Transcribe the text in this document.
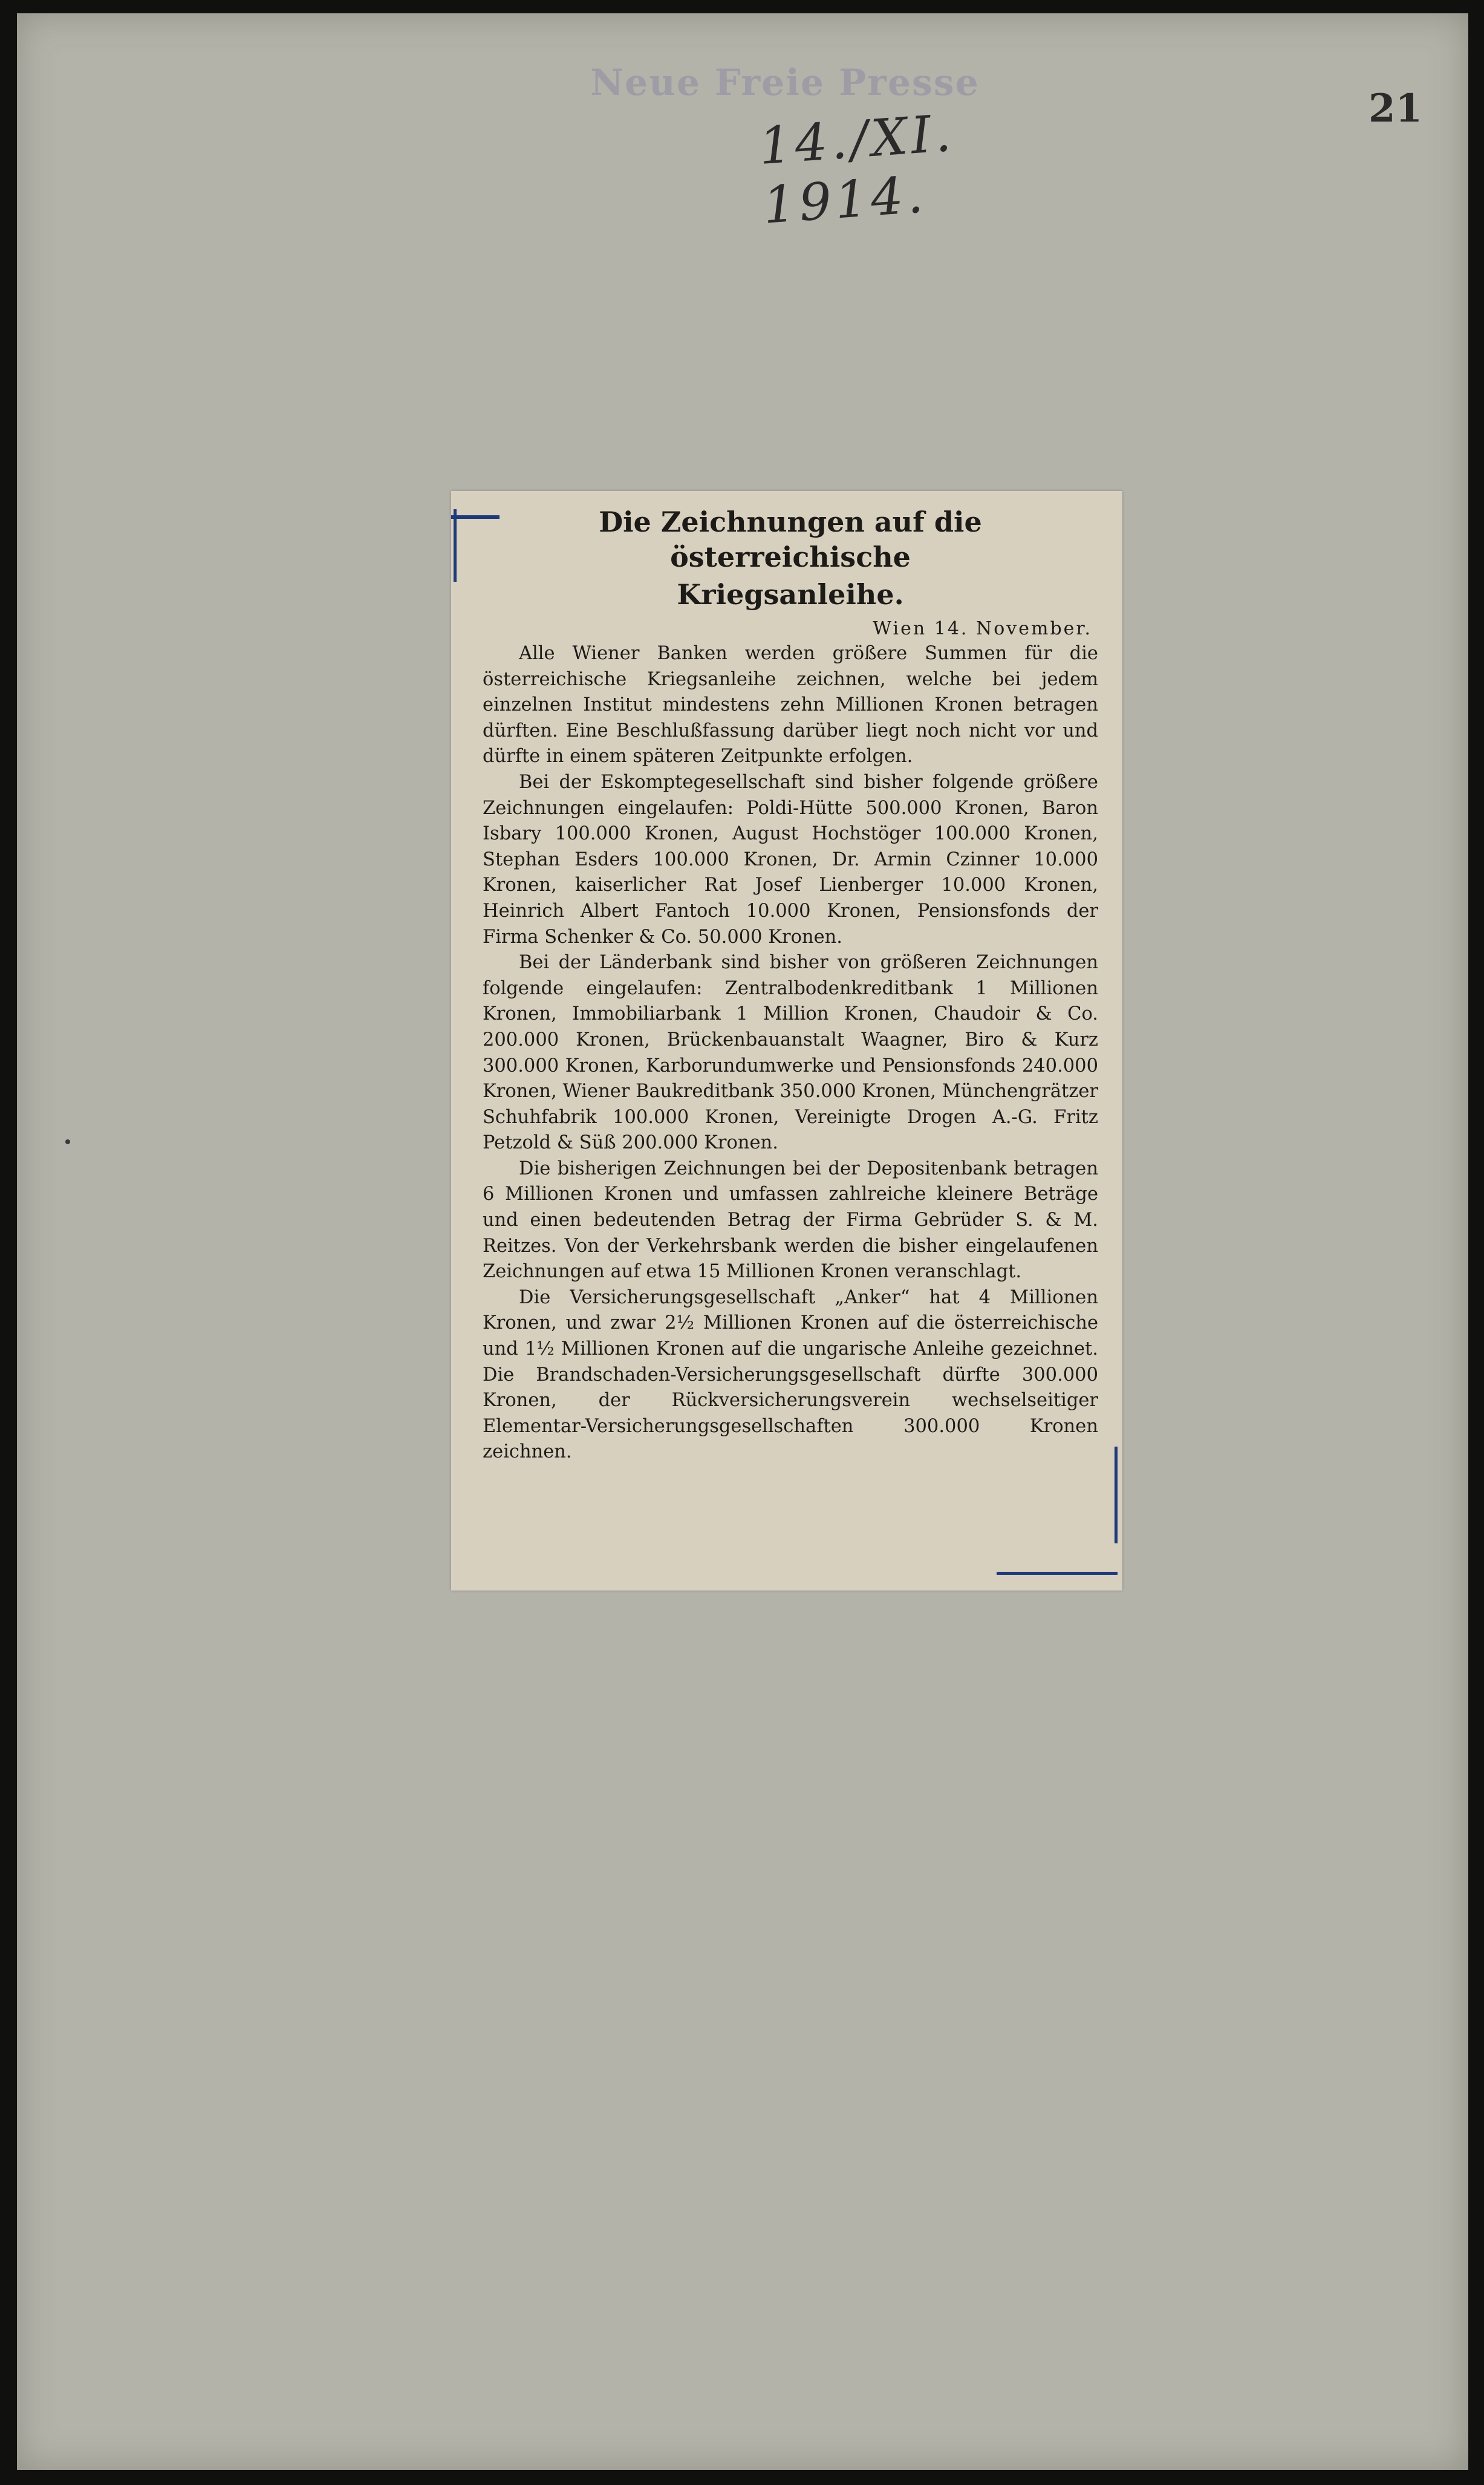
Neue Freie Presse
14./XI. 1914.
21
Die Zeichnungen auf die österreichische
Kriegsanleihe.
Wien 14. November.

Alle Wiener Banken werden größere Summen für die österreichische Kriegsanleihe zeichnen, welche bei jedem einzelnen Institut mindestens zehn Millionen Kronen betragen dürften. Eine Beschlußfassung darüber liegt noch nicht vor und dürfte in einem späteren Zeitpunkte erfolgen.

Bei der Eskomptegesellschaft sind bisher folgende größere Zeichnungen eingelaufen: Poldi-Hütte 500.000 Kronen, Baron Isbary 100.000 Kronen, August Hochstöger 100.000 Kronen, Stephan Esders 100.000 Kronen, Dr. Armin Czinner 10.000 Kronen, kaiserlicher Rat Josef Lienberger 10.000 Kronen, Heinrich Albert Fantoch 10.000 Kronen, Pensionsfonds der Firma Schenker & Co. 50.000 Kronen.

Bei der Länderbank sind bisher von größeren Zeichnungen folgende eingelaufen: Zentralbodenkreditbank 1 Millionen Kronen, Immobiliarbank 1 Million Kronen, Chaudoir & Co. 200.000 Kronen, Brückenbauanstalt Waagner, Biro & Kurz 300.000 Kronen, Karborundumwerke und Pensionsfonds 240.000 Kronen, Wiener Baukreditbank 350.000 Kronen, Münchengrätzer Schuhfabrik 100.000 Kronen, Vereinigte Drogen A.-G. Fritz Petzold & Süß 200.000 Kronen.

Die bisherigen Zeichnungen bei der Depositenbank betragen 6 Millionen Kronen und umfassen zahlreiche kleinere Beträge und einen bedeutenden Betrag der Firma Gebrüder S. & M. Reitzes. Von der Verkehrsbank werden die bisher eingelaufenen Zeichnungen auf etwa 15 Millionen Kronen veranschlagt.

Die Versicherungsgesellschaft „Anker“ hat 4 Millionen Kronen, und zwar 2½ Millionen Kronen auf die österreichische und 1½ Millionen Kronen auf die ungarische Anleihe gezeichnet. Die Brandschaden-Versicherungsgesellschaft dürfte 300.000 Kronen, der Rückversicherungsverein wechselseitiger Elementar-Versicherungsgesellschaften 300.000 Kronen zeichnen.
